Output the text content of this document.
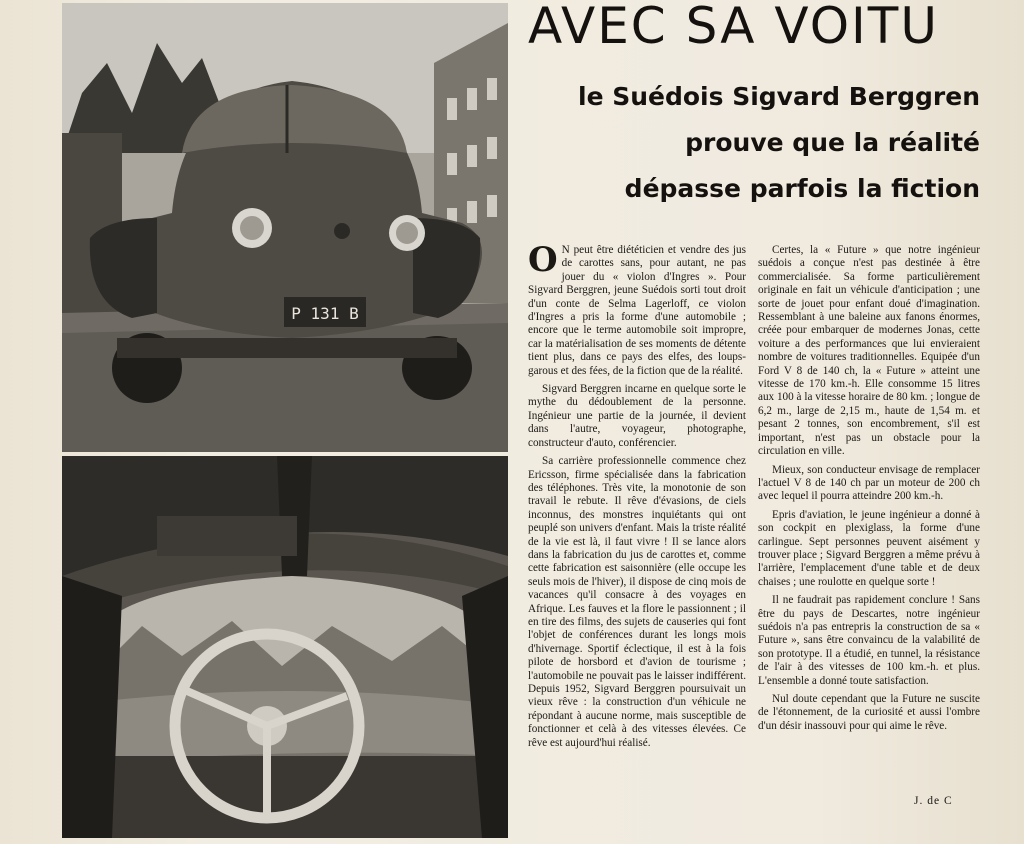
P 131 B
AVEC SA VOITU
le Suédois Sigvard Berggren
prouve que la réalité
dépasse parfois la fiction

O N peut être diététicien et vendre des jus de carottes sans, pour autant, ne pas jouer du « violon d'Ingres ». Pour Sigvard Berggren, jeune Suédois sorti tout droit d'un conte de Selma Lagerloff, ce violon d'Ingres a pris la forme d'une automobile ; encore que le terme automobile soit impropre, car la matérialisation de ses moments de détente tient plus, dans ce pays des elfes, des loups-garous et des fées, de la fiction que de la réalité.

Sigvard Berggren incarne en quelque sorte le mythe du dédoublement de la personne. Ingénieur une partie de la journée, il devient dans l'autre, voyageur, photographe, constructeur d'auto, conférencier.

Sa carrière professionnelle commence chez Ericsson, firme spécialisée dans la fabrication des téléphones. Très vite, la monotonie de son travail le rebute. Il rêve d'évasions, de ciels inconnus, des monstres inquiétants qui ont peuplé son univers d'enfant. Mais la triste réalité de la vie est là, il faut vivre ! Il se lance alors dans la fabrication du jus de carottes et, comme cette fabrication est saisonnière (elle occupe les seuls mois de l'hiver), il dispose de cinq mois de vacances qu'il consacre à des voyages en Afrique. Les fauves et la flore le passionnent ; il en tire des films, des sujets de causeries qui font l'objet de conférences durant les longs mois d'hivernage. Sportif éclectique, il est à la fois pilote de horsbord et d'avion de tourisme ; l'automobile ne pouvait pas le laisser indifférent. Depuis 1952, Sigvard Berggren poursuivait un vieux rêve : la construction d'un véhicule ne répondant à aucune norme, mais susceptible de fonctionner et celà à des vitesses élevées. Ce rêve est aujourd'hui réalisé.

Certes, la « Future » que notre ingénieur suédois a conçue n'est pas destinée à être commercialisée. Sa forme particulièrement originale en fait un véhicule d'anticipation ; une sorte de jouet pour enfant doué d'imagination. Ressemblant à une baleine aux fanons énormes, créée pour embarquer de modernes Jonas, cette voiture a des performances que lui envieraient nombre de voitures traditionnelles. Equipée d'un Ford V 8 de 140 ch, la « Future » atteint une vitesse de 170 km.-h. Elle consomme 15 litres aux 100 à la vitesse horaire de 80 km. ; longue de 6,2 m., large de 2,15 m., haute de 1,54 m. et pesant 2 tonnes, son encombrement, s'il est important, n'est pas un obstacle pour la circulation en ville.

Mieux, son conducteur envisage de remplacer l'actuel V 8 de 140 ch par un moteur de 200 ch avec lequel il pourra atteindre 200 km.-h.

Epris d'aviation, le jeune ingénieur a donné à son cockpit en plexiglass, la forme d'une carlingue. Sept personnes peuvent aisément y trouver place ; Sigvard Berggren a même prévu à l'arrière, l'emplacement d'une table et de deux chaises ; une roulotte en quelque sorte !

Il ne faudrait pas rapidement conclure ! Sans être du pays de Descartes, notre ingénieur suédois n'a pas entrepris la construction de sa « Future », sans être convaincu de la valabilité de son prototype. Il a étudié, en tunnel, la résistance de l'air à des vitesses de 100 km.-h. et plus. L'ensemble a donné toute satisfaction.

Nul doute cependant que la Future ne suscite de l'étonnement, de la curiosité et aussi l'ombre d'un désir inassouvi pour qui aime le rêve.

J. de C
